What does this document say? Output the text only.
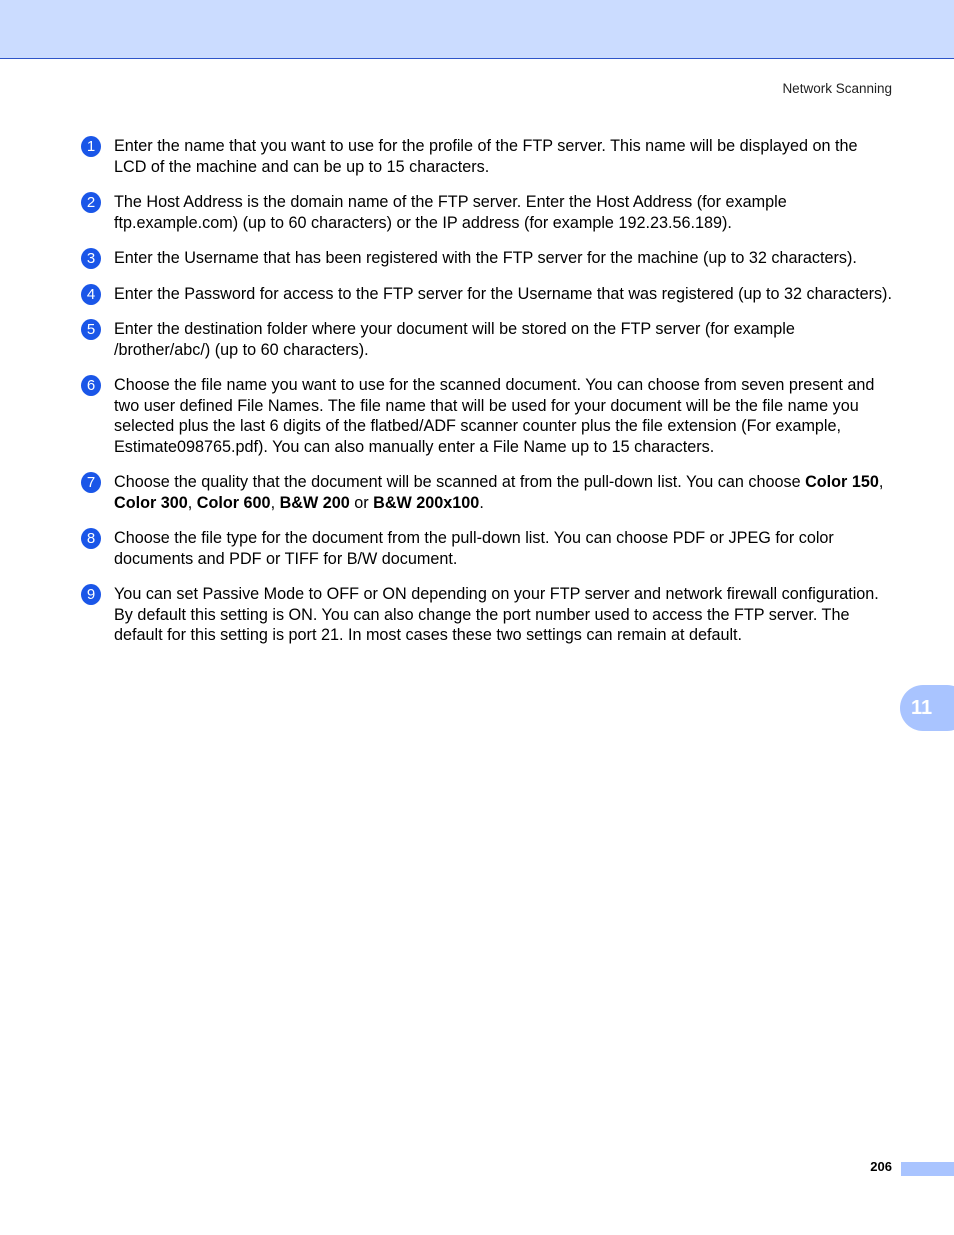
Network Scanning
1	Enter the name that you want to use for the profile of the FTP server. This name will be displayed on the LCD of the machine and can be up to 15 characters.
2	The Host Address is the domain name of the FTP server. Enter the Host Address (for example ftp.example.com) (up to 60 characters) or the IP address (for example 192.23.56.189).
3	Enter the Username that has been registered with the FTP server for the machine (up to 32 characters).
4	Enter the Password for access to the FTP server for the Username that was registered (up to 32 characters).
5	Enter the destination folder where your document will be stored on the FTP server (for example /brother/abc/) (up to 60 characters).
6	Choose the file name you want to use for the scanned document. You can choose from seven present and two user defined File Names. The file name that will be used for your document will be the file name you selected plus the last 6 digits of the flatbed/ADF scanner counter plus the file extension (For example, Estimate098765.pdf). You can also manually enter a File Name up to 15 characters.
7	Choose the quality that the document will be scanned at from the pull-down list. You can choose Color 150, Color 300, Color 600, B&W 200 or B&W 200x100.
8	Choose the file type for the document from the pull-down list. You can choose PDF or JPEG for color documents and PDF or TIFF for B/W document.
9	You can set Passive Mode to OFF or ON depending on your FTP server and network firewall configuration. By default this setting is ON. You can also change the port number used to access the FTP server. The default for this setting is port 21. In most cases these two settings can remain at default.
11
206
